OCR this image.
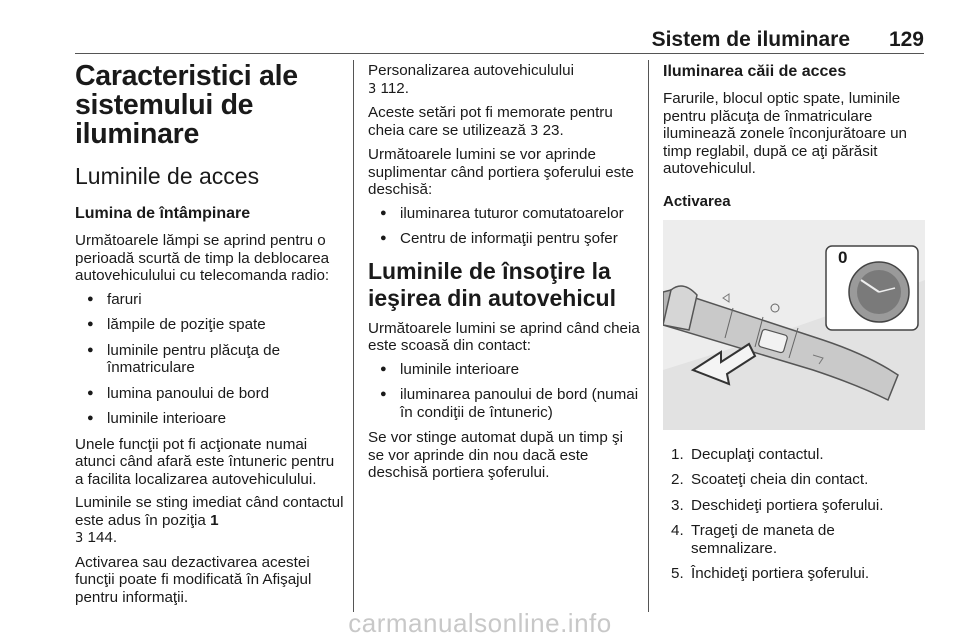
Sistem de iluminare	129
Caracteristici ale sistemului de iluminare
Luminile de acces
Lumina de întâmpinare

Următoarele lămpi se aprind pentru o perioadă scurtă de timp la deblocarea autovehiculului cu telecomanda radio:

● faruri
● lămpile de poziţie spate
● luminile pentru plăcuţa de înmatriculare
● lumina panoului de bord
● luminile interioare

Unele funcţii pot fi acţionate numai atunci când afară este întuneric pentru a facilita localizarea autovehiculului.

Luminile se sting imediat când contactul este adus în poziţia 1
3 144.

Activarea sau dezactivarea acestei funcţii poate fi modificată în Afişajul pentru informaţii.

Personalizarea autovehiculului
3 112.

Aceste setări pot fi memorate pentru cheia care se utilizează 3 23.

Următoarele lumini se vor aprinde suplimentar când portiera şoferului este deschisă:

● iluminarea tuturor comutatoarelor
● Centru de informaţii pentru şofer
Luminile de însoţire la ieşirea din autovehicul

Următoarele lumini se aprind când cheia este scoasă din contact:

● luminile interioare
● iluminarea panoului de bord (numai în condiţii de întuneric)

Se vor stinge automat după un timp şi se vor aprinde din nou dacă este deschisă portiera şoferului.

Iluminarea căii de acces

Farurile, blocul optic spate, luminile pentru plăcuţa de înmatriculare iluminează zonele înconjurătoare un timp reglabil, după ce aţi părăsit autovehiculul.

Activarea
0
1. Decuplaţi contactul.
2. Scoateţi cheia din contact.
3. Deschideţi portiera şoferului.
4. Trageţi de maneta de semnalizare.
5. Închideţi portiera şoferului.
carmanualsonline.info
